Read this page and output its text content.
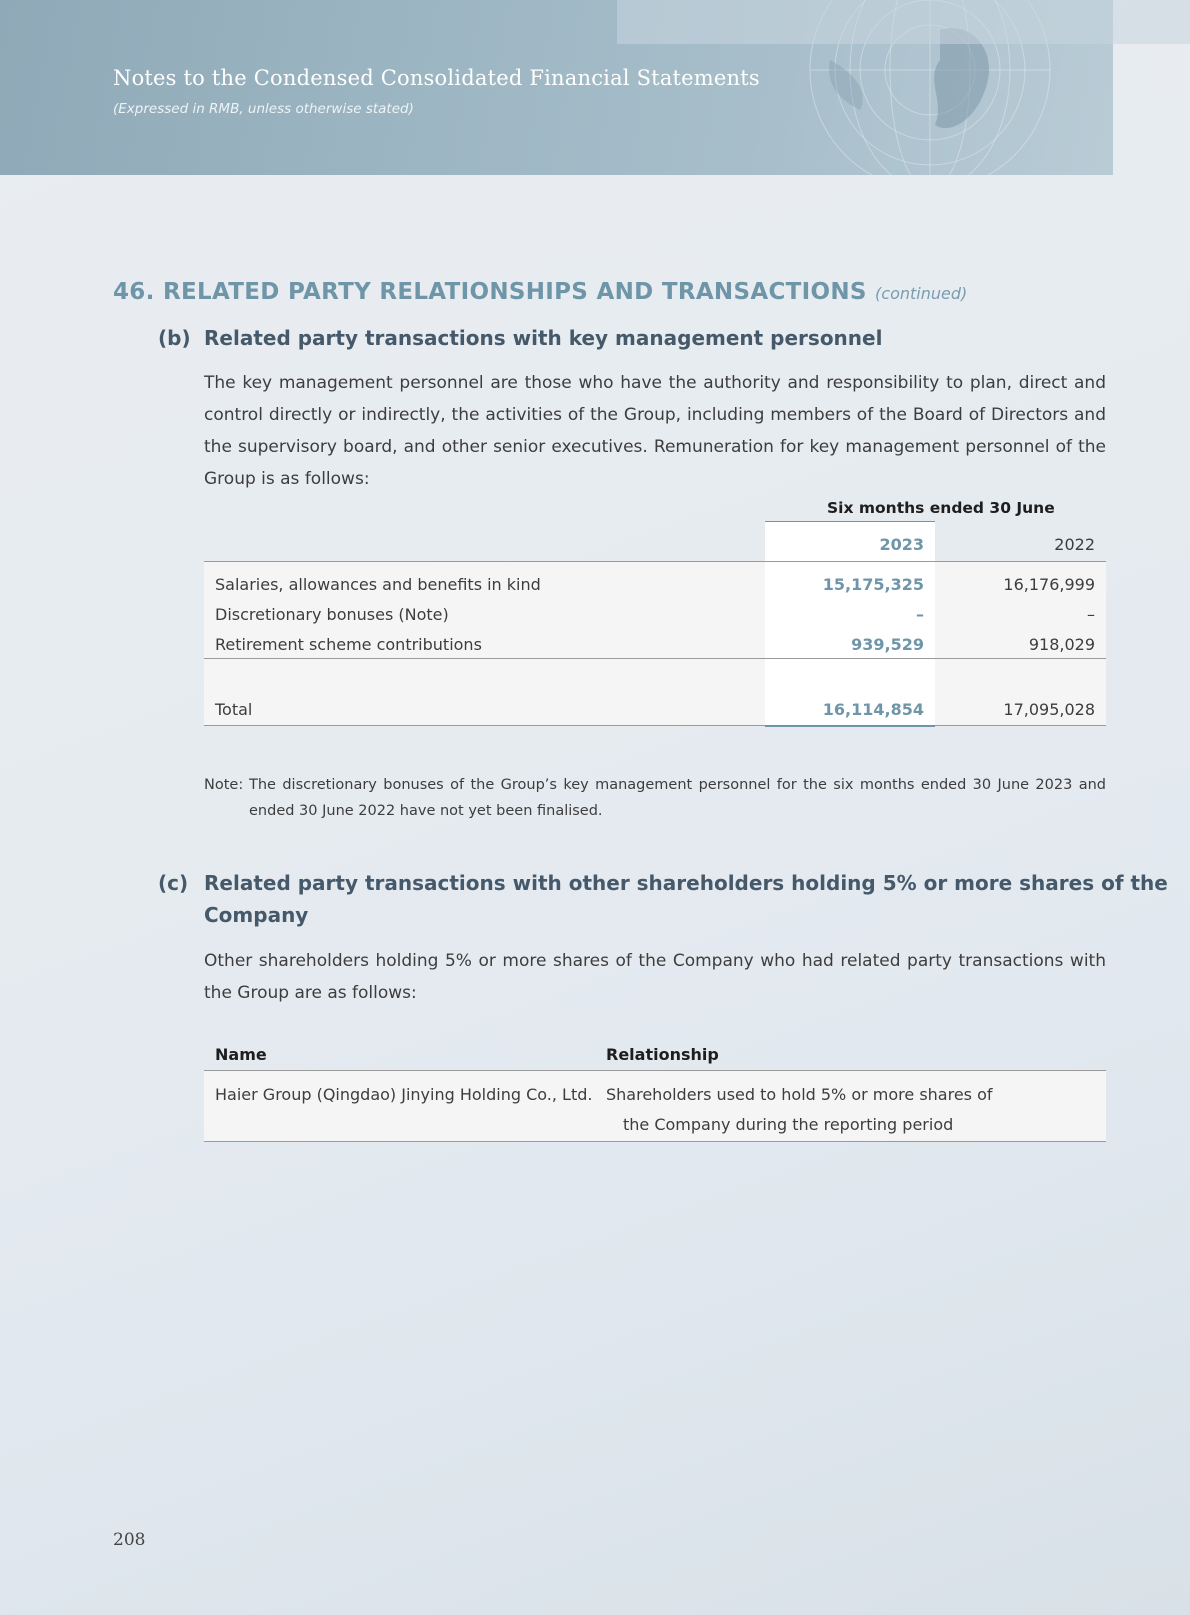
Notes to the Condensed Consolidated Financial Statements
(Expressed in RMB, unless otherwise stated)
46. RELATED PARTY RELATIONSHIPS AND TRANSACTIONS (continued)
(b) Related party transactions with key management personnel

The key management personnel are those who have the authority and responsibility to plan, direct and control directly or indirectly, the activities of the Group, including members of the Board of Directors and the supervisory board, and other senior executives. Remuneration for key management personnel of the Group is as follows:

Six months ended 30 June
2023	2022
Salaries, allowances and benefits in kind	15,175,325	16,176,999
Discretionary bonuses (Note)	–	–
Retirement scheme contributions	939,529	918,029
Total	16,114,854	17,095,028
Note: The discretionary bonuses of the Group’s key management personnel for the six months ended 30 June 2023 and ended 30 June 2022 have not yet been finalised.
(c) Related party transactions with other shareholders holding 5% or more shares of the
Company

Other shareholders holding 5% or more shares of the Company who had related party transactions with the Group are as follows:

Name	Relationship
Haier Group (Qingdao) Jinying Holding Co., Ltd. Shareholders used to hold 5% or more shares of
the Company during the reporting period
208
